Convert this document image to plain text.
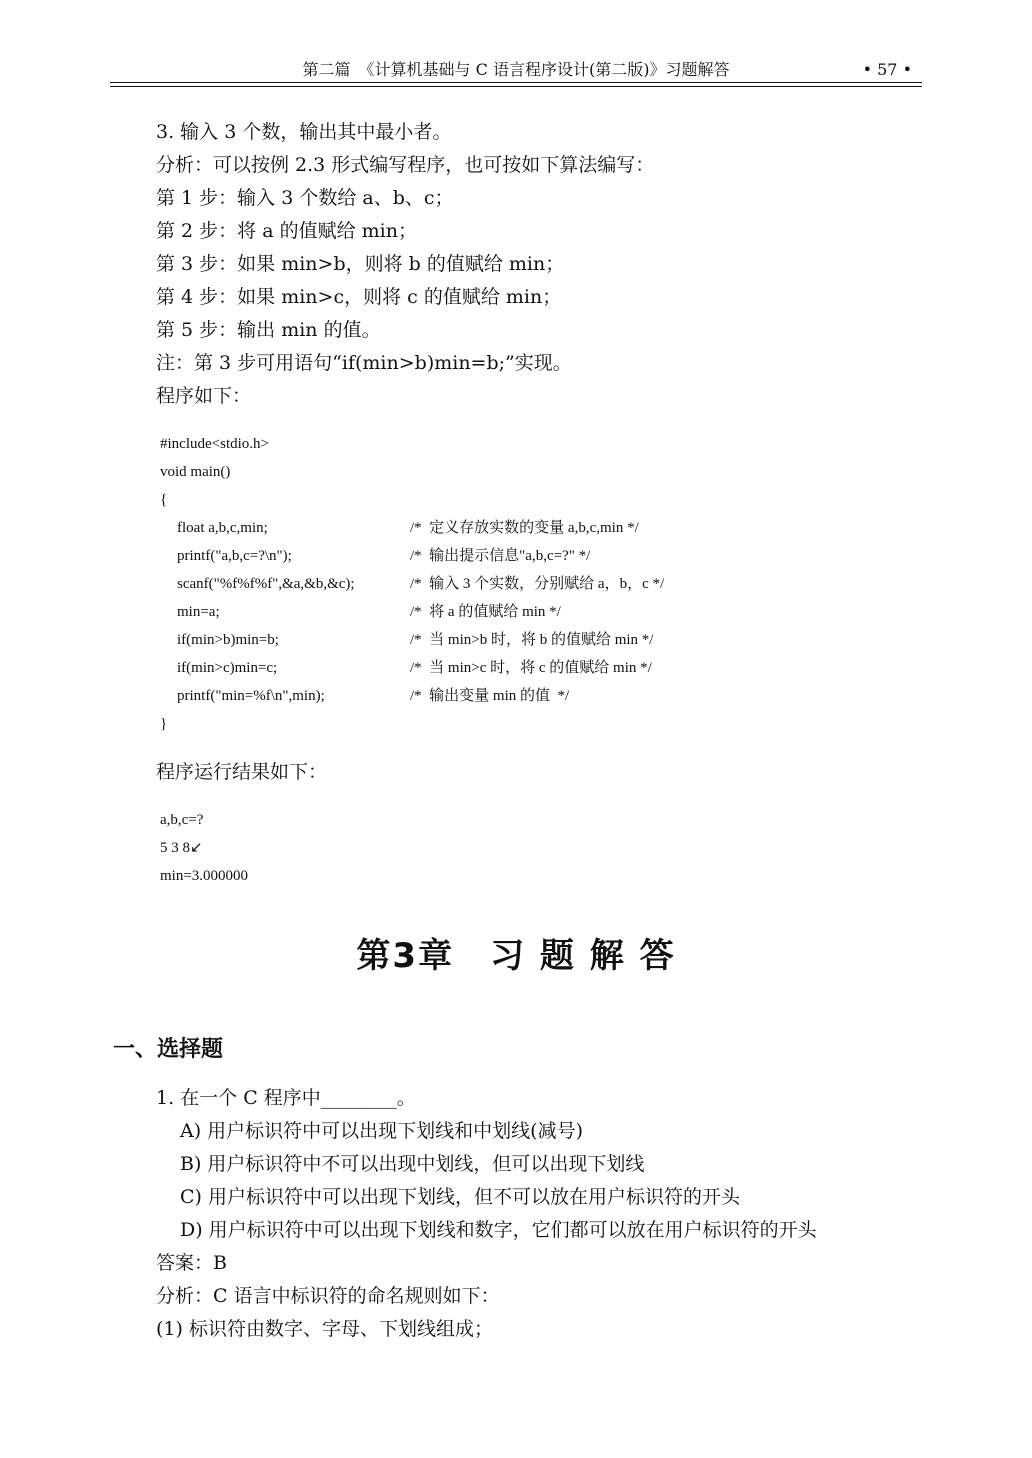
第二篇　《计算机基础与 C 语言程序设计(第二版)》习题解答	• 57 •
3. 输入 3 个数，输出其中最小者。
分析：可以按例 2.3 形式编写程序，也可按如下算法编写：
第 1 步：输入 3 个数给 a、b、c；
第 2 步：将 a 的值赋给 min；
第 3 步：如果 min>b，则将 b 的值赋给 min；
第 4 步：如果 min>c，则将 c 的值赋给 min；
第 5 步：输出 min 的值。
注：第 3 步可用语句“if(min>b)min=b;”实现。
程序如下：
#include<stdio.h>
void main()
{
float a,b,c,min;	/*  定义存放实数的变量 a,b,c,min */
printf("a,b,c=?\n");	/*  输出提示信息"a,b,c=?" */
scanf("%f%f%f",&a,&b,&c);	/*  输入 3 个实数，分别赋给 a，b，c */
min=a;	/*  将 a 的值赋给 min */
if(min>b)min=b;	/*  当 min>b 时，将 b 的值赋给 min */
if(min>c)min=c;	/*  当 min>c 时，将 c 的值赋给 min */
printf("min=%f\n",min);	/*  输出变量 min 的值  */
}
程序运行结果如下：
a,b,c=?
5 3 8↙
min=3.000000
第3章　习 题 解 答
一、选择题
1. 在一个 C 程序中________。
A) 用户标识符中可以出现下划线和中划线(减号)
B) 用户标识符中不可以出现中划线，但可以出现下划线
C) 用户标识符中可以出现下划线，但不可以放在用户标识符的开头
D) 用户标识符中可以出现下划线和数字，它们都可以放在用户标识符的开头
答案：B
分析：C 语言中标识符的命名规则如下：
(1) 标识符由数字、字母、下划线组成；
